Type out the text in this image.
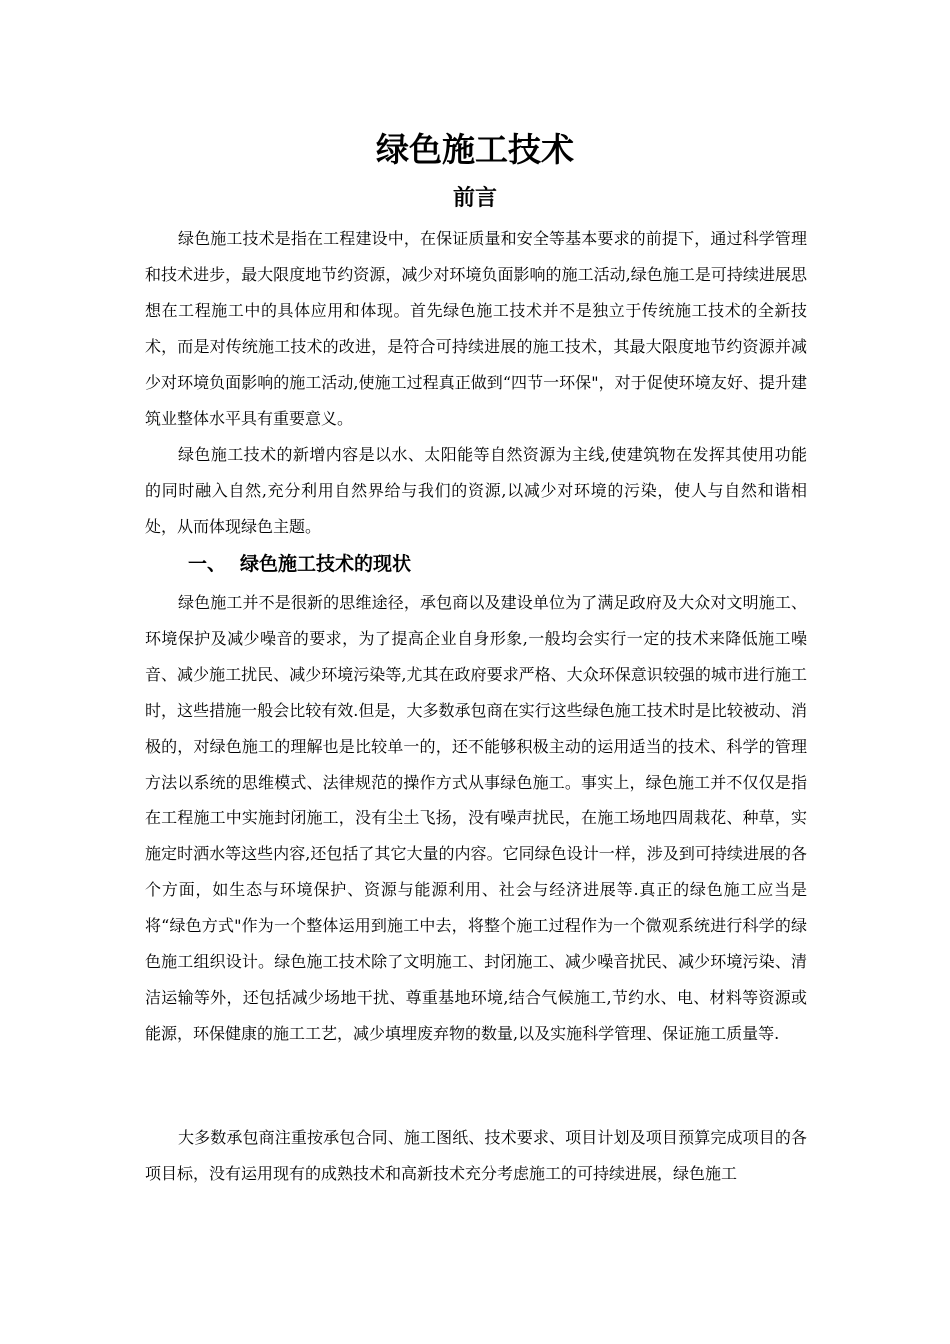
绿色施工技术
前言

绿色施工技术是指在工程建设中，在保证质量和安全等基本要求的前提下，通过科学管理和技术进步，最大限度地节约资源，减少对环境负面影响的施工活动,绿色施工是可持续进展思想在工程施工中的具体应用和体现。首先绿色施工技术并不是独立于传统施工技术的全新技术，而是对传统施工技术的改进，是符合可持续进展的施工技术，其最大限度地节约资源并减少对环境负面影响的施工活动,使施工过程真正做到“四节一环保"，对于促使环境友好、提升建筑业整体水平具有重要意义。

绿色施工技术的新增内容是以水、太阳能等自然资源为主线,使建筑物在发挥其使用功能的同时融入自然,充分利用自然界给与我们的资源,以减少对环境的污染，使人与自然和谐相处，从而体现绿色主题。

一、 绿色施工技术的现状

绿色施工并不是很新的思维途径，承包商以及建设单位为了满足政府及大众对文明施工、环境保护及减少噪音的要求，为了提高企业自身形象,一般均会实行一定的技术来降低施工噪音、减少施工扰民、减少环境污染等,尤其在政府要求严格、大众环保意识较强的城市进行施工时，这些措施一般会比较有效.但是，大多数承包商在实行这些绿色施工技术时是比较被动、消极的，对绿色施工的理解也是比较单一的，还不能够积极主动的运用适当的技术、科学的管理方法以系统的思维模式、法律规范的操作方式从事绿色施工。事实上，绿色施工并不仅仅是指在工程施工中实施封闭施工，没有尘土飞扬，没有噪声扰民，在施工场地四周栽花、种草，实施定时洒水等这些内容,还包括了其它大量的内容。它同绿色设计一样，涉及到可持续进展的各个方面，如生态与环境保护、资源与能源利用、社会与经济进展等.真正的绿色施工应当是将“绿色方式"作为一个整体运用到施工中去，将整个施工过程作为一个微观系统进行科学的绿色施工组织设计。绿色施工技术除了文明施工、封闭施工、减少噪音扰民、减少环境污染、清洁运输等外，还包括减少场地干扰、尊重基地环境,结合气候施工,节约水、电、材料等资源或能源，环保健康的施工工艺，减少填埋废弃物的数量,以及实施科学管理、保证施工质量等.

大多数承包商注重按承包合同、施工图纸、技术要求、项目计划及项目预算完成项目的各项目标，没有运用现有的成熟技术和高新技术充分考虑施工的可持续进展，绿色施工
